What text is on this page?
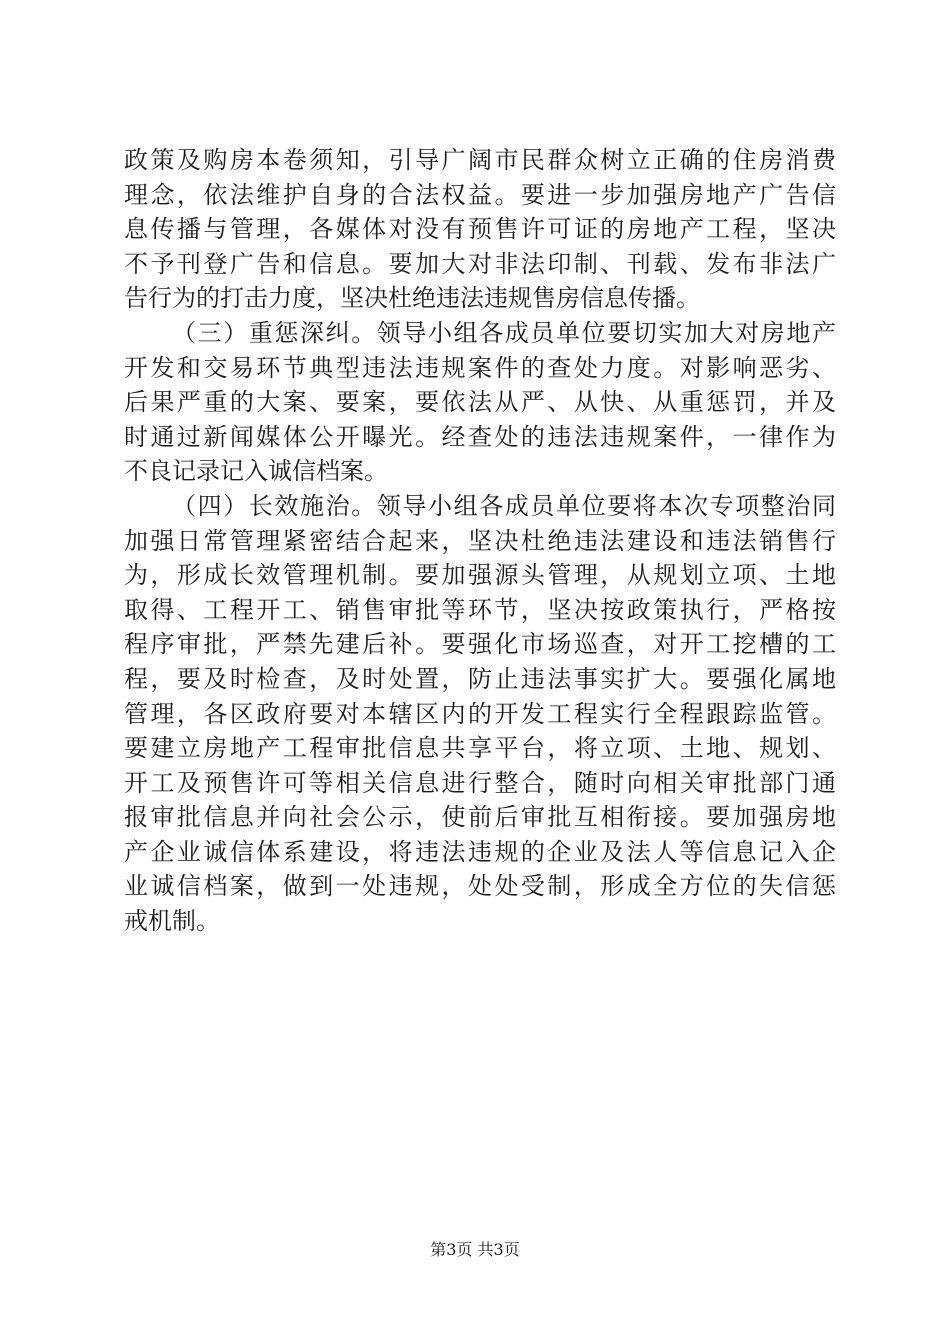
政策及购房本卷须知，引导广阔市民群众树立正确的住房消费
理念，依法维护自身的合法权益。要进一步加强房地产广告信
息传播与管理，各媒体对没有预售许可证的房地产工程，坚决
不予刊登广告和信息。要加大对非法印制、刊载、发布非法广
告行为的打击力度，坚决杜绝违法违规售房信息传播。
（三）重惩深纠。领导小组各成员单位要切实加大对房地产
开发和交易环节典型违法违规案件的查处力度。对影响恶劣、
后果严重的大案、要案，要依法从严、从快、从重惩罚，并及
时通过新闻媒体公开曝光。经查处的违法违规案件，一律作为
不良记录记入诚信档案。
（四）长效施治。领导小组各成员单位要将本次专项整治同
加强日常管理紧密结合起来，坚决杜绝违法建设和违法销售行
为，形成长效管理机制。要加强源头管理，从规划立项、土地
取得、工程开工、销售审批等环节，坚决按政策执行，严格按
程序审批，严禁先建后补。要强化市场巡查，对开工挖槽的工
程，要及时检查，及时处置，防止违法事实扩大。要强化属地
管理，各区政府要对本辖区内的开发工程实行全程跟踪监管。
要建立房地产工程审批信息共享平台，将立项、土地、规划、
开工及预售许可等相关信息进行整合，随时向相关审批部门通
报审批信息并向社会公示，使前后审批互相衔接。要加强房地
产企业诚信体系建设，将违法违规的企业及法人等信息记入企
业诚信档案，做到一处违规，处处受制，形成全方位的失信惩
戒机制。
第3页 共3页
